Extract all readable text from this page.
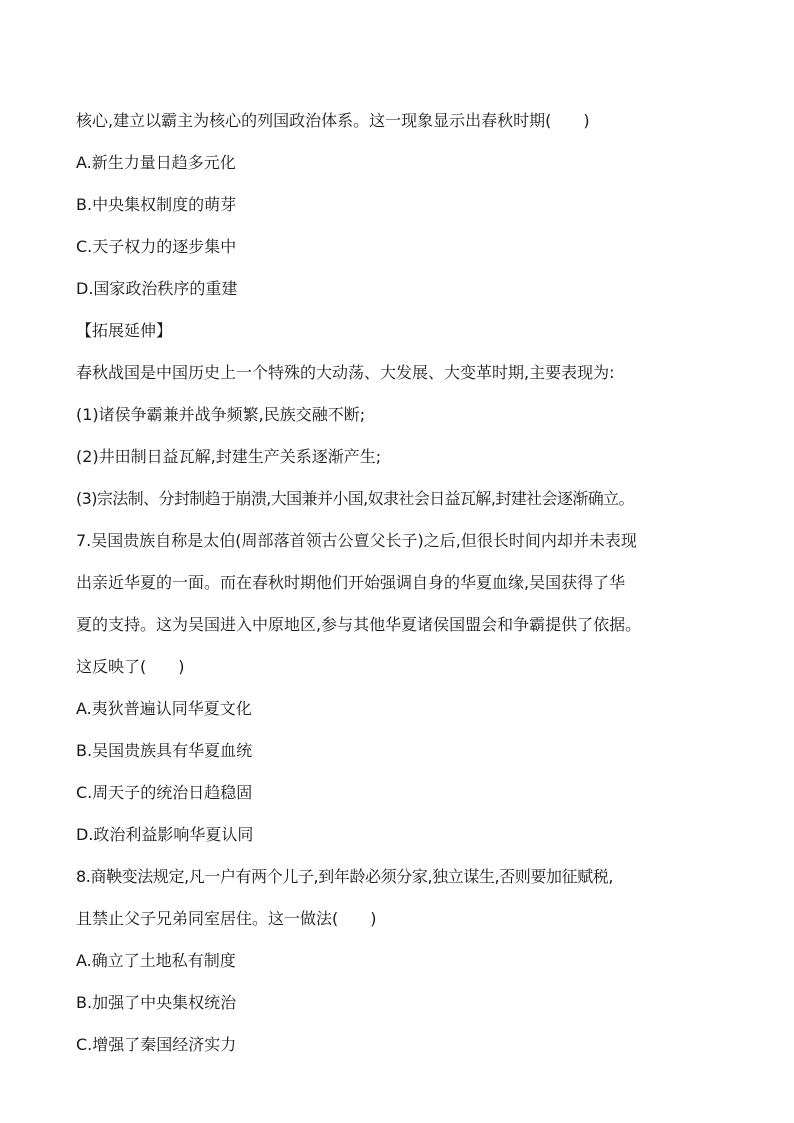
核心,建立以霸主为核心的列国政治体系。这一现象显示出春秋时期(　　)
A.新生力量日趋多元化
B.中央集权制度的萌芽
C.天子权力的逐步集中
D.国家政治秩序的重建
【拓展延伸】
春秋战国是中国历史上一个特殊的大动荡、大发展、大变革时期,主要表现为:
(1)诸侯争霸兼并战争频繁,民族交融不断;
(2)井田制日益瓦解,封建生产关系逐渐产生;
(3)宗法制、分封制趋于崩溃,大国兼并小国,奴隶社会日益瓦解,封建社会逐渐确立。
7.吴国贵族自称是太伯(周部落首领古公亶父长子)之后,但很长时间内却并未表现
出亲近华夏的一面。而在春秋时期他们开始强调自身的华夏血缘,吴国获得了华
夏的支持。这为吴国进入中原地区,参与其他华夏诸侯国盟会和争霸提供了依据。
这反映了(　　)
A.夷狄普遍认同华夏文化
B.吴国贵族具有华夏血统
C.周天子的统治日趋稳固
D.政治利益影响华夏认同
8.商鞅变法规定,凡一户有两个儿子,到年龄必须分家,独立谋生,否则要加征赋税,
且禁止父子兄弟同室居住。这一做法(　　)
A.确立了土地私有制度
B.加强了中央集权统治
C.增强了秦国经济实力
